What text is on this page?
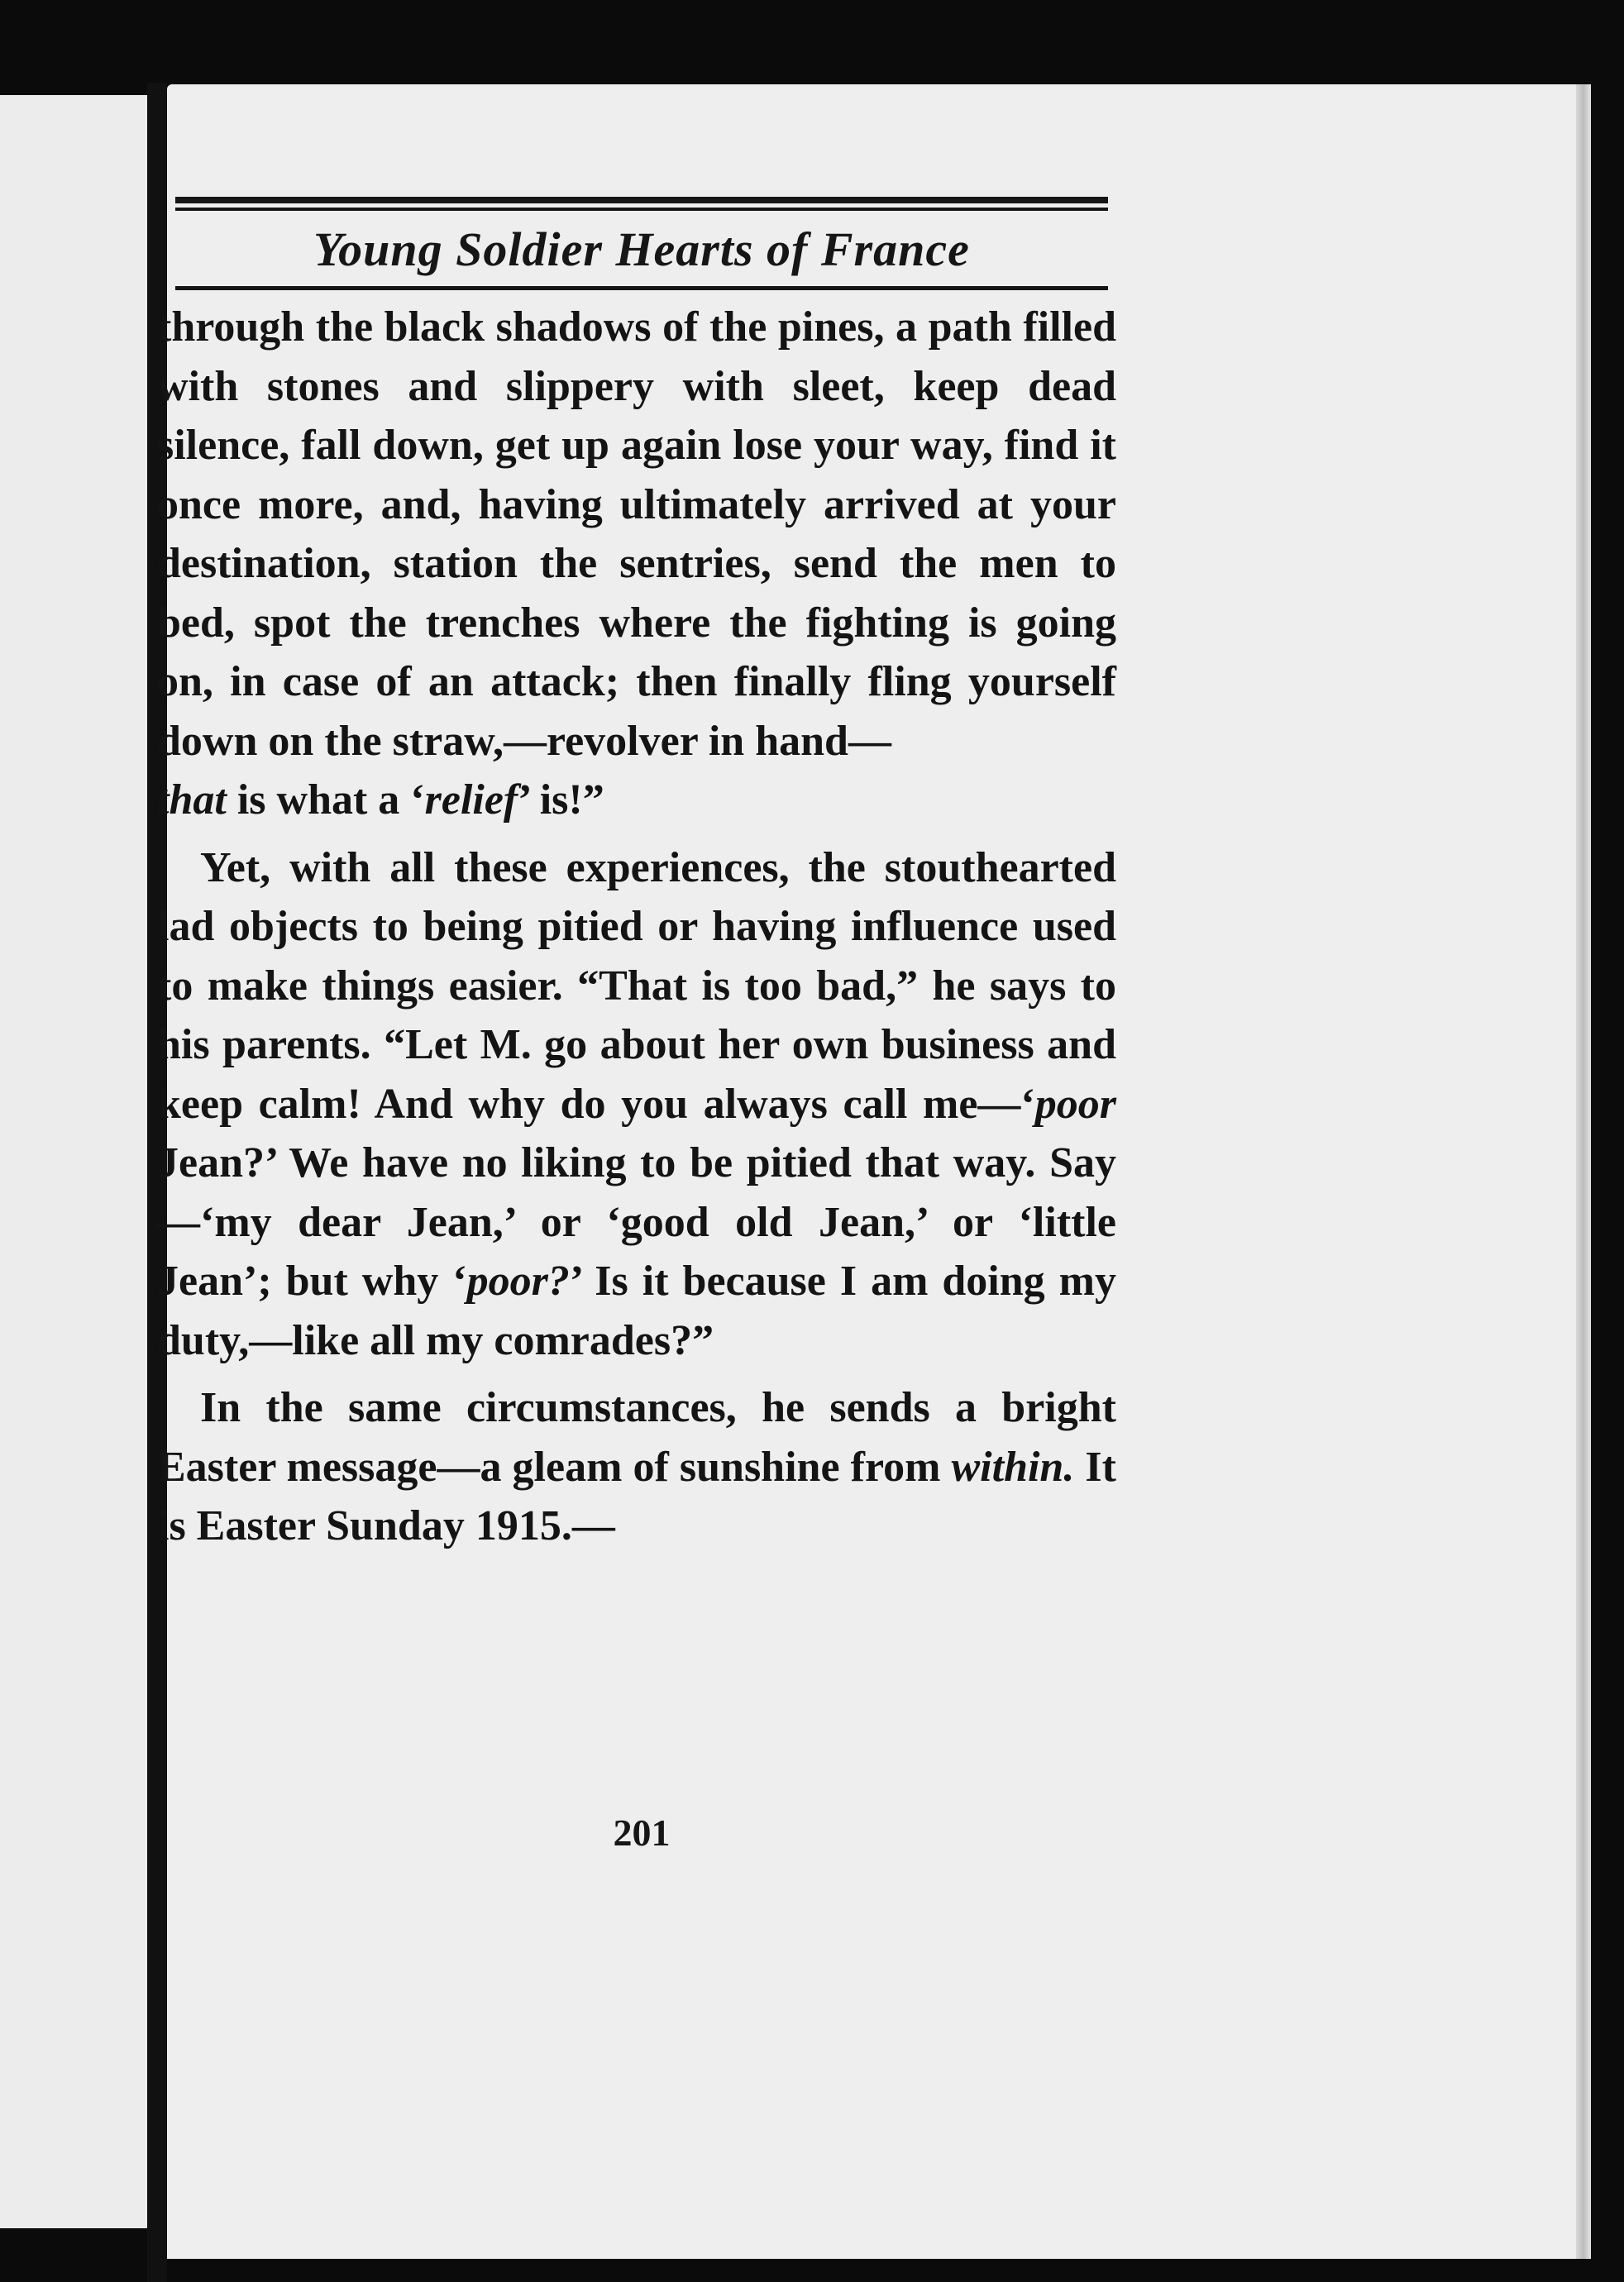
Young Soldier Hearts of France

through the black shadows of the pines, a path filled with stones and slippery with sleet, keep dead silence, fall down, get up again lose your way, find it once more, and, having ultimately arrived at your destination, station the sentries, send the men to bed, spot the trenches where the fighting is going on, in case of an attack; then finally fling yourself down on the straw,—revolver in hand—
that is what a ‘relief’ is!”

Yet, with all these experiences, the stouthearted lad objects to being pitied or having influence used to make things easier. “That is too bad,” he says to his parents. “Let M. go about her own business and keep calm! And why do you always call me—‘poor Jean?’ We have no liking to be pitied that way. Say—‘my dear Jean,’ or ‘good old Jean,’ or ‘little Jean’; but why ‘poor?’ Is it because I am doing my duty,—like all my comrades?”

In the same circumstances, he sends a bright Easter message—a gleam of sunshine from within. It is Easter Sunday 1915.—

201
